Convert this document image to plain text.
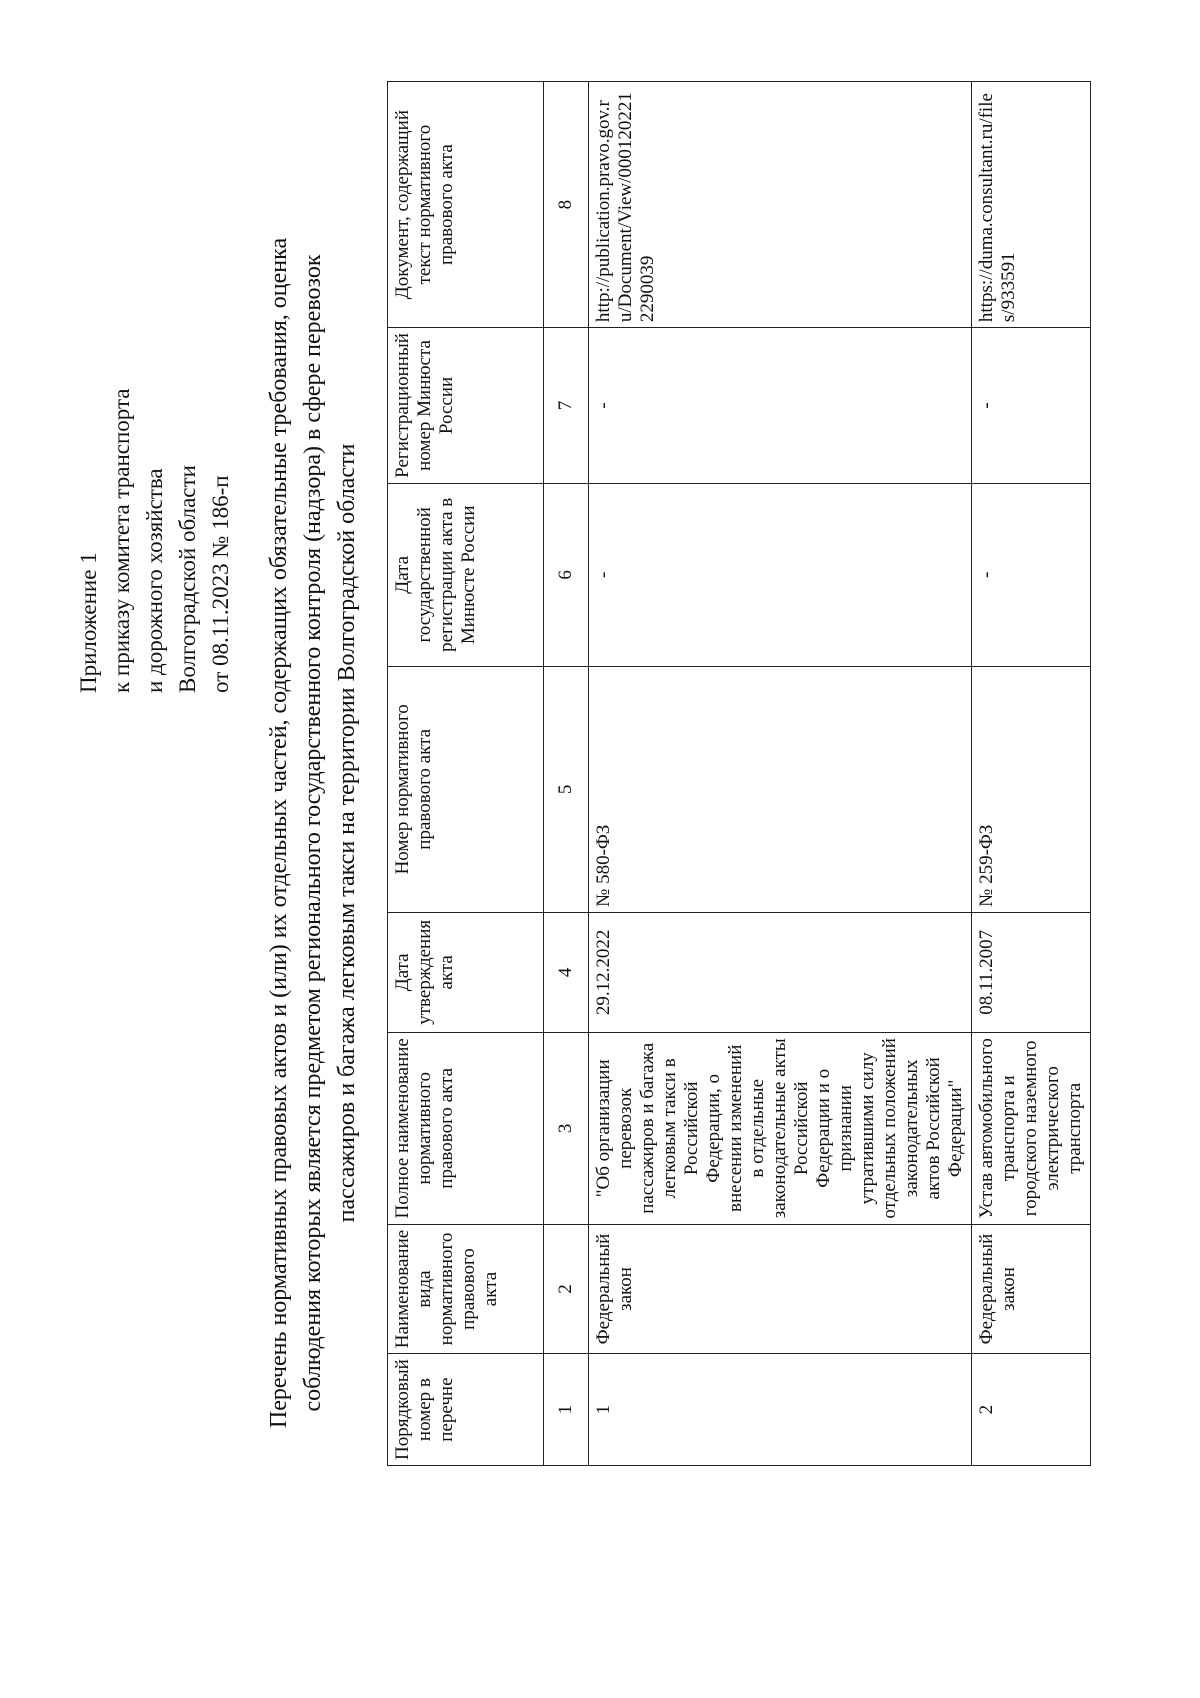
Приложение 1 к приказу комитета транспорта и дорожного хозяйства Волгоградской области от 08.11.2023 № 186-п Перечень нормативных правовых актов и (или) их отдельных частей, содержащих обязательные требования, оценка соблюдения которых является предметом регионального государственного контроля (надзора) в сфере перевозок пассажиров и багажа легковым такси на территории Волгоградской области
Порядковый номер в перечне	Наименование вида нормативного правового акта	Полное наименование нормативного правового акта	Дата утверждения акта	Номер нормативного правового акта	Дата государственной регистрации акта в Минюсте России	Регистрационный номер Минюста России	Документ, содержащий текст нормативного правового акта
1	2	3	4	5	6	7	8
1	Федеральный закон	"Об организации перевозок пассажиров и багажа легковым такси в Российской Федерации, о внесении изменений в отдельные законодательные акты Российской Федерации и о признании утратившими силу отдельных положений законодательных актов Российской Федерации"	29.12.2022	№ 580-ФЗ	-	-	http://publication.pravo.gov.ru/Document/View/0001202212290039
2	Федеральный закон	Устав автомобильного транспорта и городского наземного электрического транспорта	08.11.2007	№ 259-ФЗ	-	-	https://duma.consultant.ru/files/933591
